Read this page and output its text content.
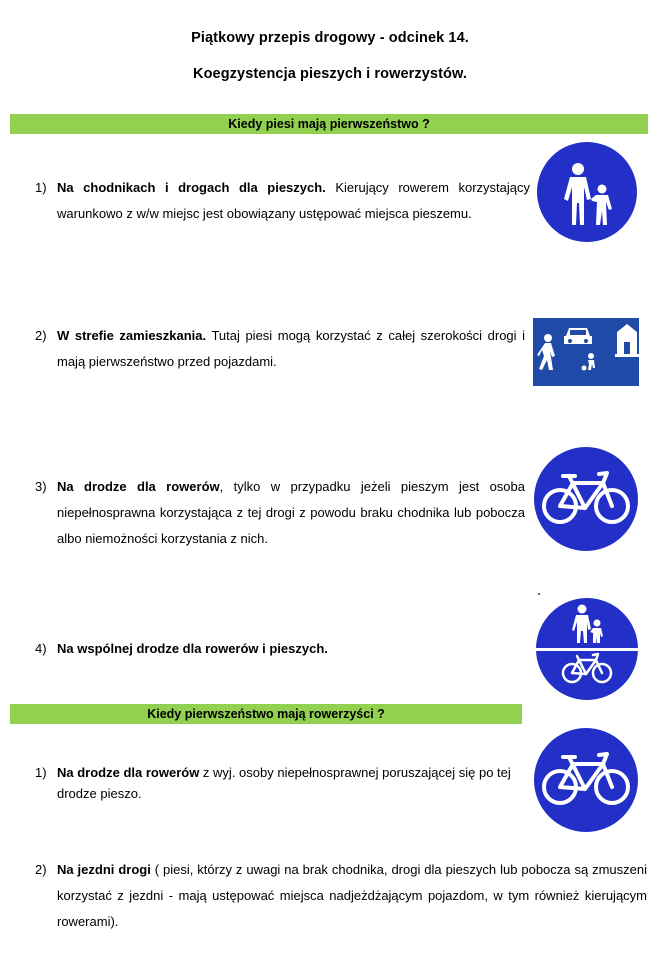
Piątkowy przepis drogowy - odcinek 14.
Koegzystencja pieszych i rowerzystów.
Kiedy piesi mają pierwszeństwo ?
1) Na chodnikach i drogach dla pieszych. Kierujący rowerem korzystający warunkowo z w/w miejsc jest obowiązany ustępować miejsca pieszemu.
2) W strefie zamieszkania. Tutaj piesi mogą korzystać z całej szerokości drogi i mają pierwszeństwo przed pojazdami.
3) Na drodze dla rowerów, tylko w przypadku jeżeli pieszym jest osoba niepełnosprawna korzystająca z tej drogi z powodu braku chodnika lub pobocza albo niemożności korzystania z nich.
4) Na wspólnej drodze dla rowerów i pieszych.
Kiedy pierwszeństwo mają rowerzyści ?
1) Na drodze dla rowerów z wyj. osoby niepełnosprawnej poruszającej się po tej drodze pieszo.
2) Na jezdni drogi ( piesi, którzy z uwagi na brak chodnika, drogi dla pieszych lub pobocza są zmuszeni korzystać z jezdni - mają ustępować miejsca nadjeżdżającym pojazdom, w tym również kierującym rowerami).
